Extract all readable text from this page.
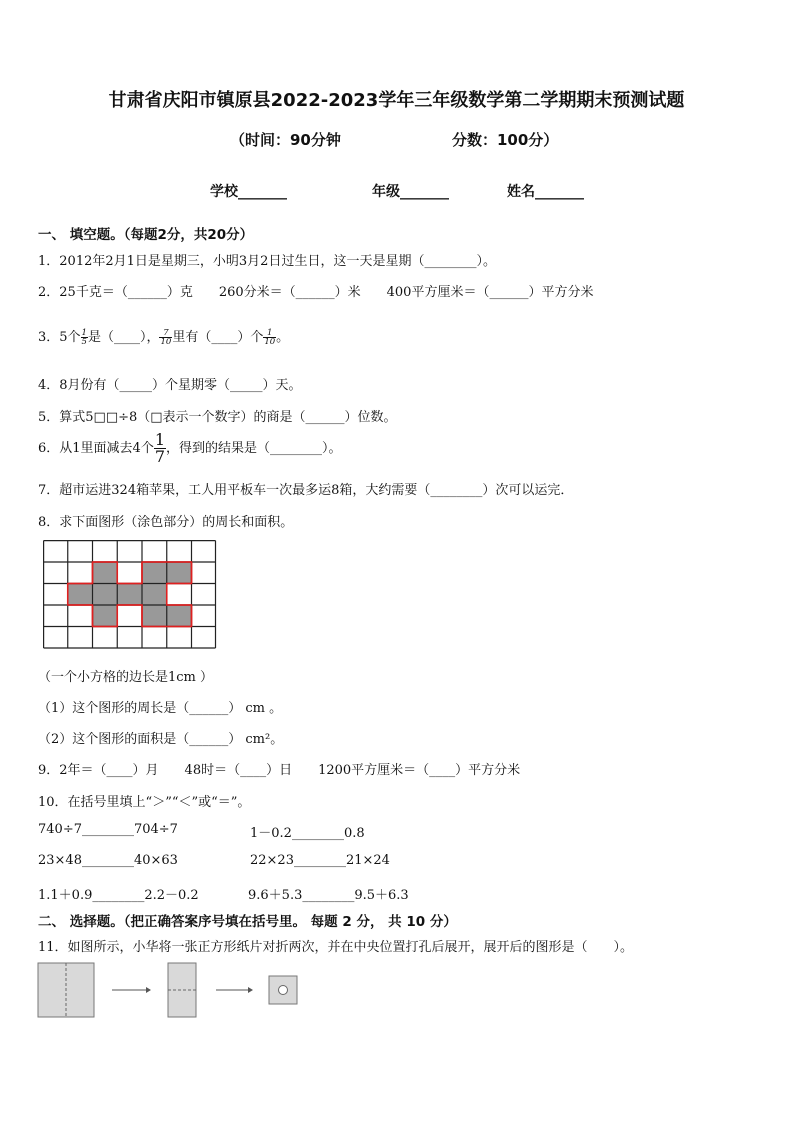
甘肃省庆阳市镇原县2022-2023学年三年级数学第二学期期末预测试题
（时间：90分钟	分数：100分）
学校_______	年级_______	姓名_______
一、 填空题。（每题2分，共20分）
1．2012年2月1日是星期三，小明3月2日过生日，这一天是星期（________）。
2．25千克＝（______）克　　260分米＝（______）米　　400平方厘米＝（______）平方分米
3．5个 $\frac{1}{5}$ 是（____）， $\frac{7}{10}$ 里有（____）个 $\frac{1}{10}$ 。
4．8月份有（_____）个星期零（_____）天。
5．算式5□□÷8（□表示一个数字）的商是（______）位数。
6．从1里面减去4个 $\frac{1}{7}$ ，得到的结果是（________）。
7．超市运进324箱苹果，工人用平板车一次最多运8箱，大约需要（________）次可以运完．
8．求下面图形（涂色部分）的周长和面积。
（一个小方格的边长是1cm ）
（1）这个图形的周长是（______） cm 。
（2）这个图形的面积是（______） cm²。
9．2年＝（____）月　　48时＝（____）日　　1200平方厘米＝（____）平方分米
10．在括号里填上“＞”“＜”或“＝”。
740÷7________704÷7	1－0.2________0.8
23×48________40×63	22×23________21×24
1.1＋0.9________2.2－0.2	9.6＋5.3________9.5＋6.3
二、 选择题。（把正确答案序号填在括号里。 每题 2 分， 共 10 分）
11．如图所示，小华将一张正方形纸片对折两次，并在中央位置打孔后展开，展开后的图形是（　　）。
